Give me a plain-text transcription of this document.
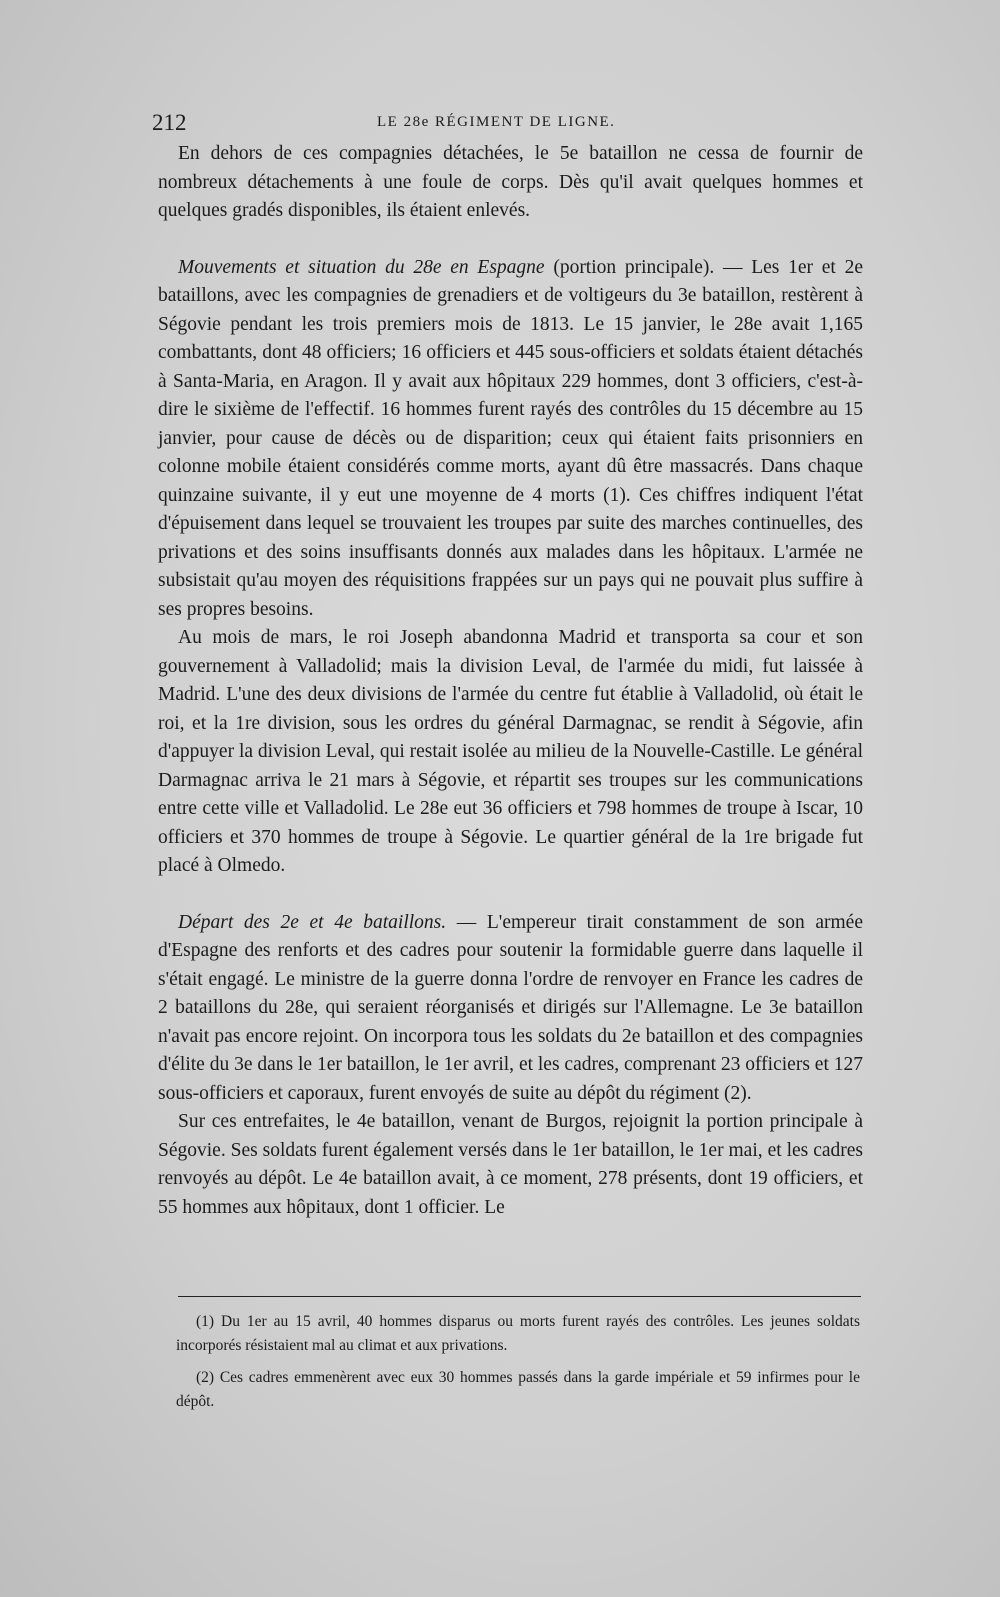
212	LE 28e RÉGIMENT DE LIGNE.

En dehors de ces compagnies détachées, le 5e bataillon ne cessa de fournir de nombreux détachements à une foule de corps. Dès qu'il avait quelques hommes et quelques gradés disponibles, ils étaient enlevés.

Mouvements et situation du 28e en Espagne (portion principale). — Les 1er et 2e bataillons, avec les compagnies de grenadiers et de voltigeurs du 3e bataillon, restèrent à Ségovie pendant les trois premiers mois de 1813. Le 15 janvier, le 28e avait 1,165 combattants, dont 48 officiers; 16 officiers et 445 sous-officiers et soldats étaient détachés à Santa-Maria, en Aragon. Il y avait aux hôpitaux 229 hommes, dont 3 officiers, c'est-à-dire le sixième de l'effectif. 16 hommes furent rayés des contrôles du 15 décembre au 15 janvier, pour cause de décès ou de disparition; ceux qui étaient faits prisonniers en colonne mobile étaient considérés comme morts, ayant dû être massacrés. Dans chaque quinzaine suivante, il y eut une moyenne de 4 morts (1). Ces chiffres indiquent l'état d'épuisement dans lequel se trouvaient les troupes par suite des marches continuelles, des privations et des soins insuffisants donnés aux malades dans les hôpitaux. L'armée ne subsistait qu'au moyen des réquisitions frappées sur un pays qui ne pouvait plus suffire à ses propres besoins.

Au mois de mars, le roi Joseph abandonna Madrid et transporta sa cour et son gouvernement à Valladolid; mais la division Leval, de l'armée du midi, fut laissée à Madrid. L'une des deux divisions de l'armée du centre fut établie à Valladolid, où était le roi, et la 1re division, sous les ordres du général Darmagnac, se rendit à Ségovie, afin d'appuyer la division Leval, qui restait isolée au milieu de la Nouvelle-Castille. Le général Darmagnac arriva le 21 mars à Ségovie, et répartit ses troupes sur les communications entre cette ville et Valladolid. Le 28e eut 36 officiers et 798 hommes de troupe à Iscar, 10 officiers et 370 hommes de troupe à Ségovie. Le quartier général de la 1re brigade fut placé à Olmedo.

Départ des 2e et 4e bataillons. — L'empereur tirait constamment de son armée d'Espagne des renforts et des cadres pour soutenir la formidable guerre dans laquelle il s'était engagé. Le ministre de la guerre donna l'ordre de renvoyer en France les cadres de 2 bataillons du 28e, qui seraient réorganisés et dirigés sur l'Allemagne. Le 3e bataillon n'avait pas encore rejoint. On incorpora tous les soldats du 2e bataillon et des compagnies d'élite du 3e dans le 1er bataillon, le 1er avril, et les cadres, comprenant 23 officiers et 127 sous-officiers et caporaux, furent envoyés de suite au dépôt du régiment (2).

Sur ces entrefaites, le 4e bataillon, venant de Burgos, rejoignit la portion principale à Ségovie. Ses soldats furent également versés dans le 1er bataillon, le 1er mai, et les cadres renvoyés au dépôt. Le 4e bataillon avait, à ce moment, 278 présents, dont 19 officiers, et 55 hommes aux hôpitaux, dont 1 officier. Le

(1) Du 1er au 15 avril, 40 hommes disparus ou morts furent rayés des contrôles. Les jeunes soldats incorporés résistaient mal au climat et aux privations.

(2) Ces cadres emmenèrent avec eux 30 hommes passés dans la garde impériale et 59 infirmes pour le dépôt.
